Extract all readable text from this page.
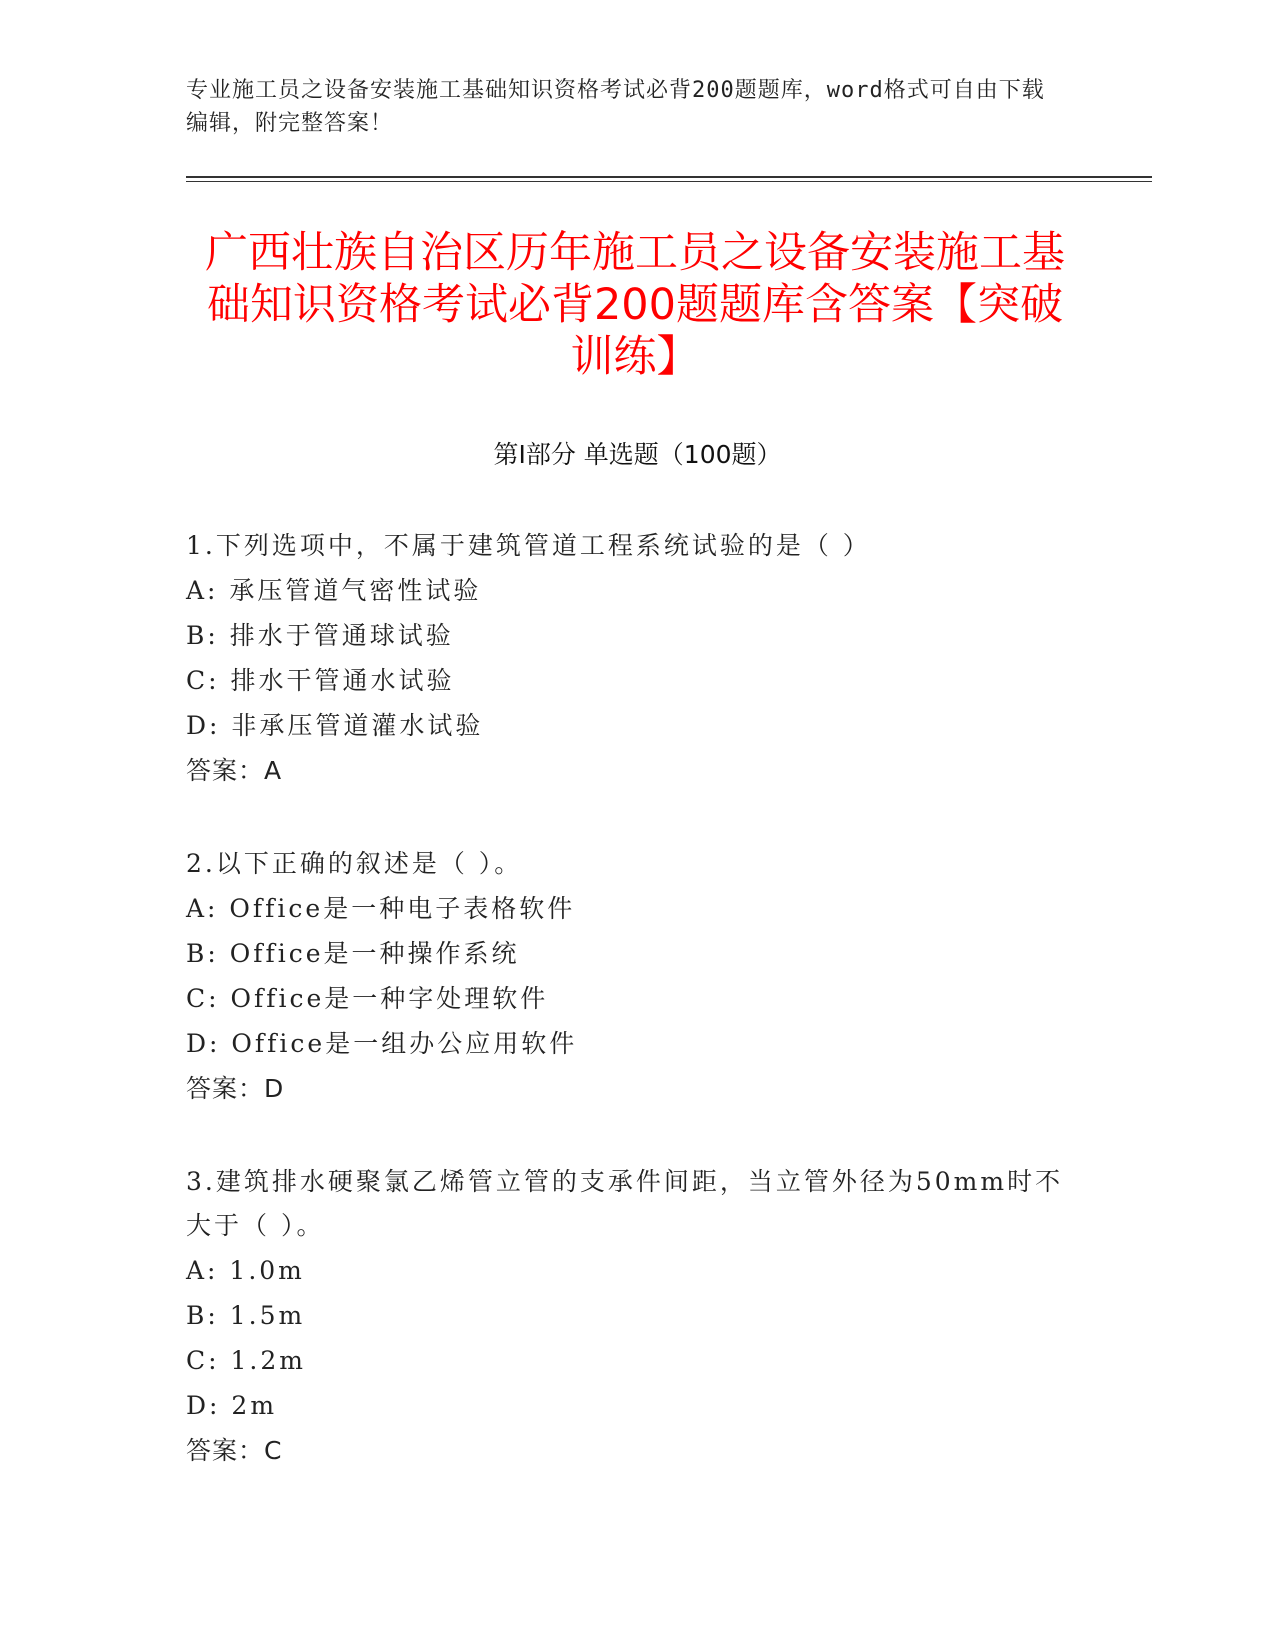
专业施工员之设备安装施工基础知识资格考试必背200题题库，word格式可自由下载编辑，附完整答案！
广西壮族自治区历年施工员之设备安装施工基础知识资格考试必背200题题库含答案【突破训练】
第I部分 单选题（100题）
1.下列选项中，不属于建筑管道工程系统试验的是（ ）
A: 承压管道气密性试验
B: 排水于管通球试验
C: 排水干管通水试验
D: 非承压管道灌水试验
答案：A
2.以下正确的叙述是（ ）。
A: Office是一种电子表格软件
B: Office是一种操作系统
C: Office是一种字处理软件
D: Office是一组办公应用软件
答案：D
3.建筑排水硬聚氯乙烯管立管的支承件间距，当立管外径为50mm时不大于（ ）。
A: 1.0m
B: 1.5m
C: 1.2m
D: 2m
答案：C
